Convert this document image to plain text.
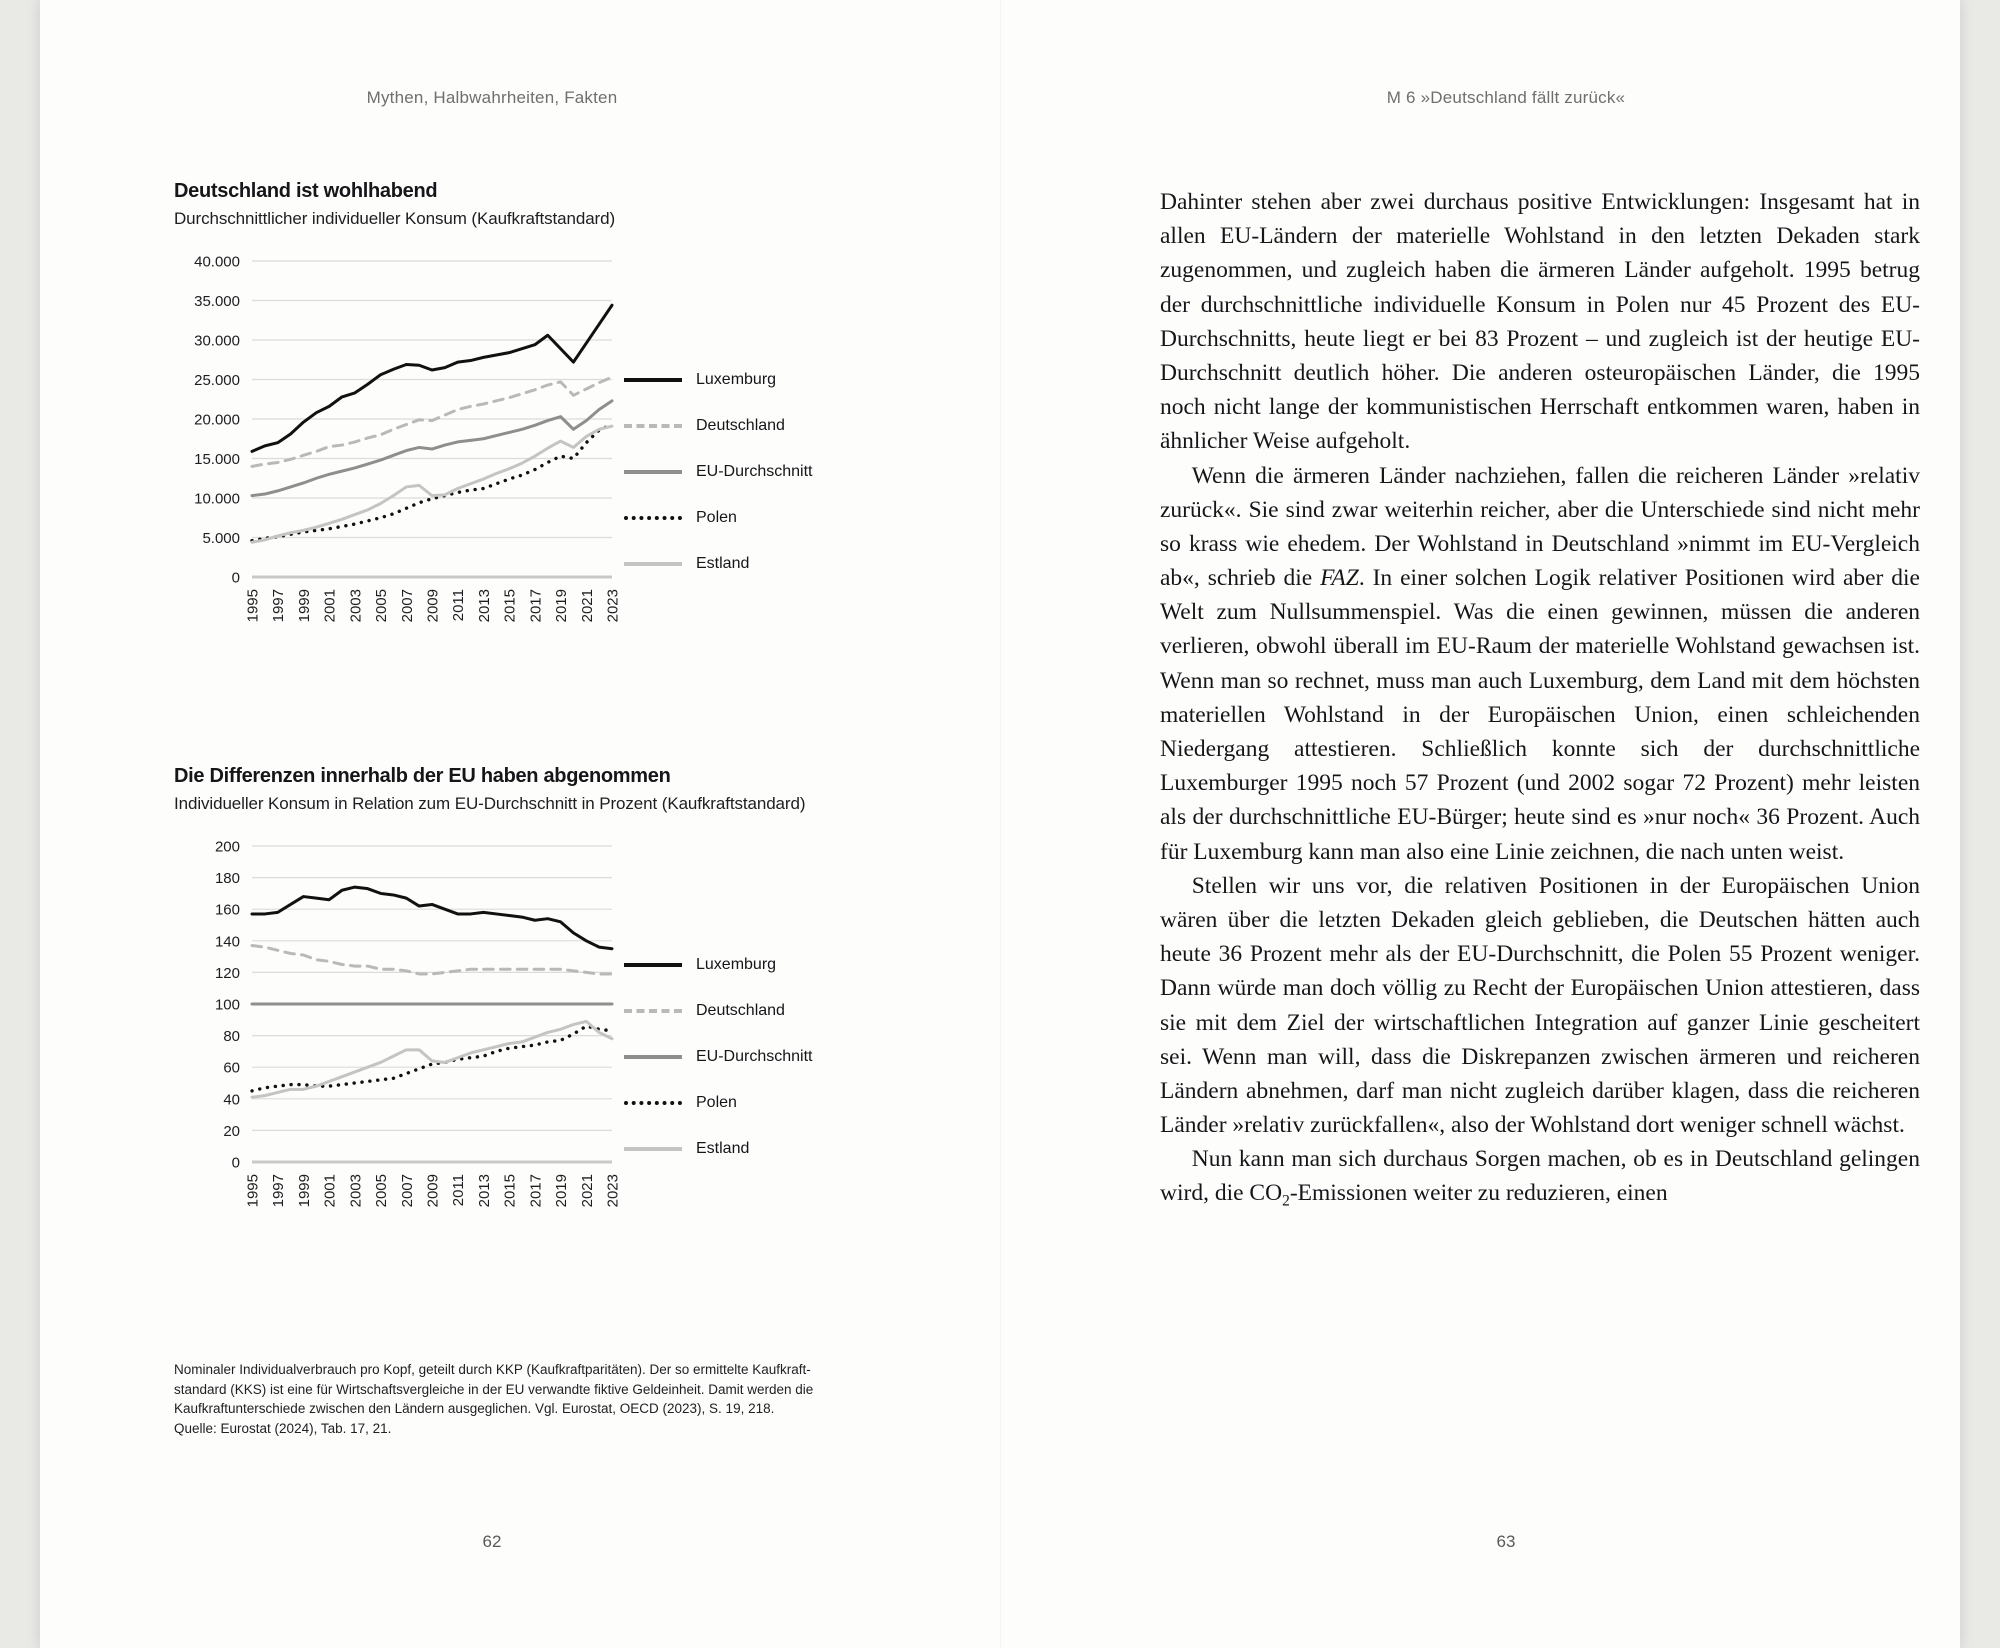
Mythen, Halbwahrheiten, Fakten
Deutschland ist wohlhabend
Durchschnittlicher individueller Konsum (Kaufkraftstandard)
0
5.000
10.000
15.000
20.000
25.000
30.000
35.000
40.000
1995 1997 1999 2001 2003 2005 2007 2009 2011 2013 2015 2017 2019 2021 2023
Luxemburg
Deutschland
EU-Durchschnitt
Polen
Estland
Die Differenzen innerhalb der EU haben abgenommen
Individueller Konsum in Relation zum EU-Durchschnitt in Prozent (Kaufkraftstandard)
0
20
40
60
80
100
120
140
160
180
200
1995 1997 1999 2001 2003 2005 2007 2009 2011 2013 2015 2017 2019 2021 2023
Luxemburg
Deutschland
EU-Durchschnitt
Polen
Estland
Nominaler Individualverbrauch pro Kopf, geteilt durch KKP (Kaufkraftparitäten). Der so ermittelte Kaufkraft-
standard (KKS) ist eine für Wirtschaftsvergleiche in der EU verwandte fiktive Geldeinheit. Damit werden die
Kaufkraftunterschiede zwischen den Ländern ausgeglichen. Vgl. Eurostat, OECD (2023), S. 19, 218.
Quelle: Eurostat (2024), Tab. 17, 21.
62
M 6 »Deutschland fällt zurück«

Dahinter stehen aber zwei durchaus positive Entwicklungen: Insgesamt hat in allen EU-Ländern der materielle Wohlstand in den letzten Dekaden stark zugenommen, und zugleich haben die ärmeren Länder aufgeholt. 1995 betrug der durchschnittliche individuelle Konsum in Polen nur 45 Prozent des EU-Durchschnitts, heute liegt er bei 83 Prozent – und zugleich ist der heutige EU-Durchschnitt deutlich höher. Die anderen osteuropäischen Länder, die 1995 noch nicht lange der kommunistischen Herrschaft entkommen waren, haben in ähnlicher Weise aufgeholt.

Wenn die ärmeren Länder nachziehen, fallen die reicheren Länder »relativ zurück«. Sie sind zwar weiterhin reicher, aber die Unterschiede sind nicht mehr so krass wie ehedem. Der Wohlstand in Deutschland »nimmt im EU-Vergleich ab«, schrieb die FAZ. In einer solchen Logik relativer Positionen wird aber die Welt zum Nullsummenspiel. Was die einen gewinnen, müssen die anderen verlieren, obwohl überall im EU-Raum der materielle Wohlstand gewachsen ist. Wenn man so rechnet, muss man auch Luxemburg, dem Land mit dem höchsten materiellen Wohlstand in der Europäischen Union, einen schleichenden Niedergang attestieren. Schließlich konnte sich der durchschnittliche Luxemburger 1995 noch 57 Prozent (und 2002 sogar 72 Prozent) mehr leisten als der durchschnittliche EU-Bürger; heute sind es »nur noch« 36 Prozent. Auch für Luxemburg kann man also eine Linie zeichnen, die nach unten weist.

Stellen wir uns vor, die relativen Positionen in der Europäischen Union wären über die letzten Dekaden gleich geblieben, die Deutschen hätten auch heute 36 Prozent mehr als der EU-Durchschnitt, die Polen 55 Prozent weniger. Dann würde man doch völlig zu Recht der Europäischen Union attestieren, dass sie mit dem Ziel der wirtschaftlichen Integration auf ganzer Linie gescheitert sei. Wenn man will, dass die Diskrepanzen zwischen ärmeren und reicheren Ländern abnehmen, darf man nicht zugleich darüber klagen, dass die reicheren Länder »relativ zurückfallen«, also der Wohlstand dort weniger schnell wächst.

Nun kann man sich durchaus Sorgen machen, ob es in Deutschland gelingen wird, die $CO_2$-Emissionen weiter zu reduzieren, einen

63
